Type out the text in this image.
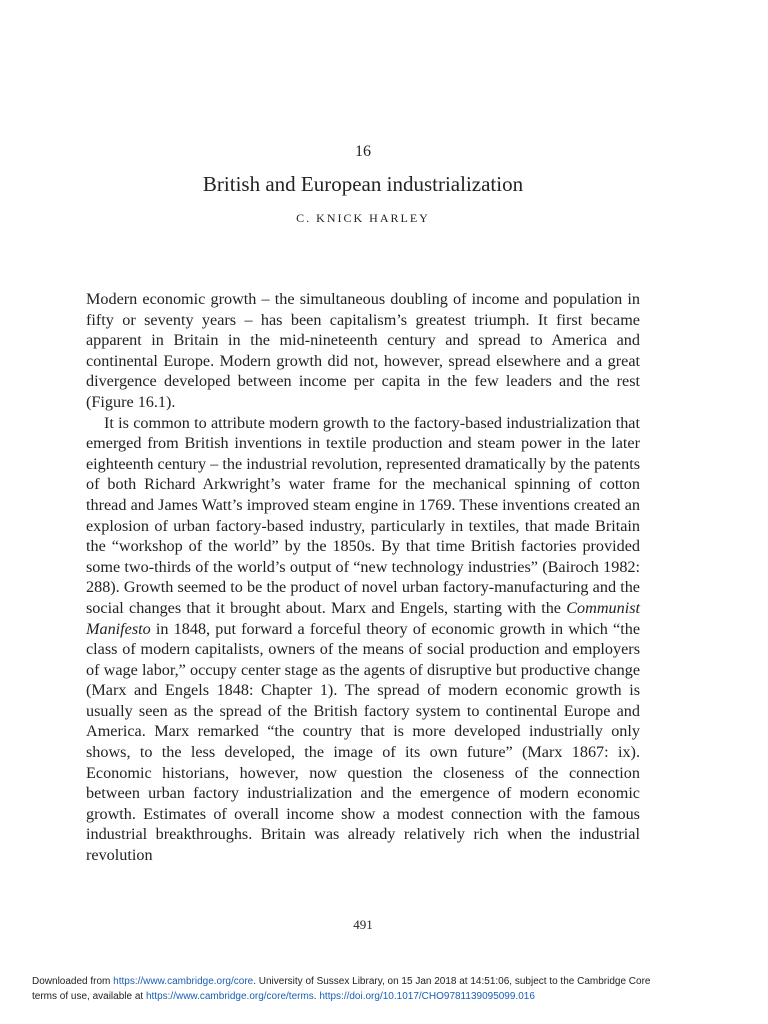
16
British and European industrialization
C. KNICK HARLEY

Modern economic growth – the simultaneous doubling of income and population in fifty or seventy years – has been capitalism’s greatest triumph. It first became apparent in Britain in the mid-nineteenth century and spread to America and continental Europe. Modern growth did not, however, spread elsewhere and a great divergence developed between income per capita in the few leaders and the rest (Figure 16.1).

It is common to attribute modern growth to the factory-based industrialization that emerged from British inventions in textile production and steam power in the later eighteenth century – the industrial revolution, represented dramatically by the patents of both Richard Arkwright’s water frame for the mechanical spinning of cotton thread and James Watt’s improved steam engine in 1769. These inventions created an explosion of urban factory-based industry, particularly in textiles, that made Britain the “workshop of the world” by the 1850s. By that time British factories provided some two-thirds of the world’s output of “new technology industries” (Bairoch 1982: 288). Growth seemed to be the product of novel urban factory-manufacturing and the social changes that it brought about. Marx and Engels, starting with the Communist Manifesto in 1848, put forward a forceful theory of economic growth in which “the class of modern capitalists, owners of the means of social production and employers of wage labor,” occupy center stage as the agents of disruptive but productive change (Marx and Engels 1848: Chapter 1). The spread of modern economic growth is usually seen as the spread of the British factory system to continental Europe and America. Marx remarked “the country that is more developed industrially only shows, to the less developed, the image of its own future” (Marx 1867: ix). Economic historians, however, now question the closeness of the connection between urban factory industrialization and the emergence of modern economic growth. Estimates of overall income show a modest connection with the famous industrial breakthroughs. Britain was already relatively rich when the industrial revolution

491
Downloaded from https://www.cambridge.org/core. University of Sussex Library, on 15 Jan 2018 at 14:51:06, subject to the Cambridge Core
terms of use, available at https://www.cambridge.org/core/terms. https://doi.org/10.1017/CHO9781139095099.016
